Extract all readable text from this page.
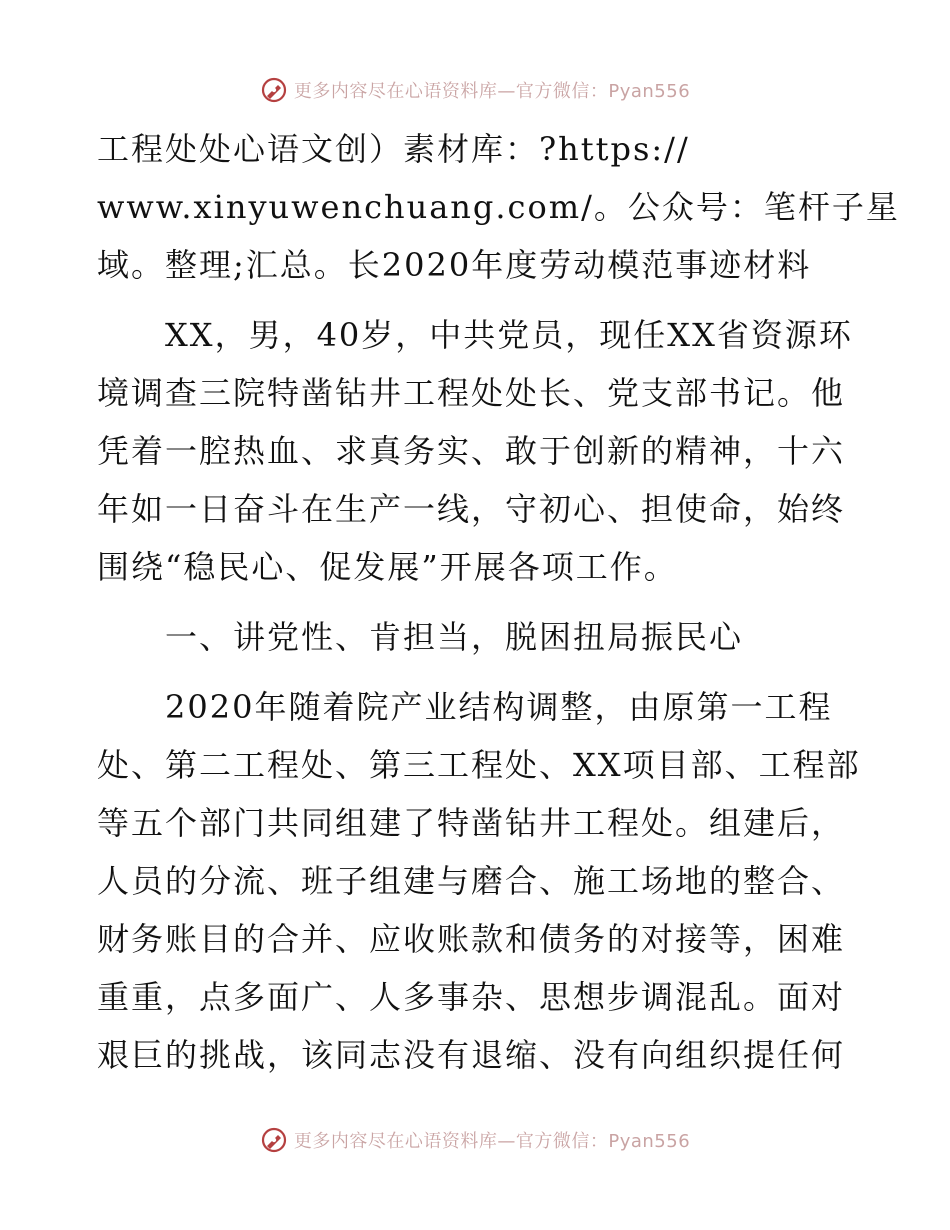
更多内容尽在心语资料库—官方微信：Pyan556
工程处处心语文创）素材库：?https://
www.xinyuwenchuang.com/。公众号：笔杆子星
域。整理;汇总。长2020年度劳动模范事迹材料
　　XX，男，40岁，中共党员，现任XX省资源环
境调查三院特凿钻井工程处处长、党支部书记。他
凭着一腔热血、求真务实、敢于创新的精神，十六
年如一日奋斗在生产一线，守初心、担使命，始终
围绕“稳民心、促发展”开展各项工作。
　　一、讲党性、肯担当，脱困扭局振民心
　　2020年随着院产业结构调整，由原第一工程
处、第二工程处、第三工程处、XX项目部、工程部
等五个部门共同组建了特凿钻井工程处。组建后，
人员的分流、班子组建与磨合、施工场地的整合、
财务账目的合并、应收账款和债务的对接等，困难
重重，点多面广、人多事杂、思想步调混乱。面对
艰巨的挑战，该同志没有退缩、没有向组织提任何
更多内容尽在心语资料库—官方微信：Pyan556
